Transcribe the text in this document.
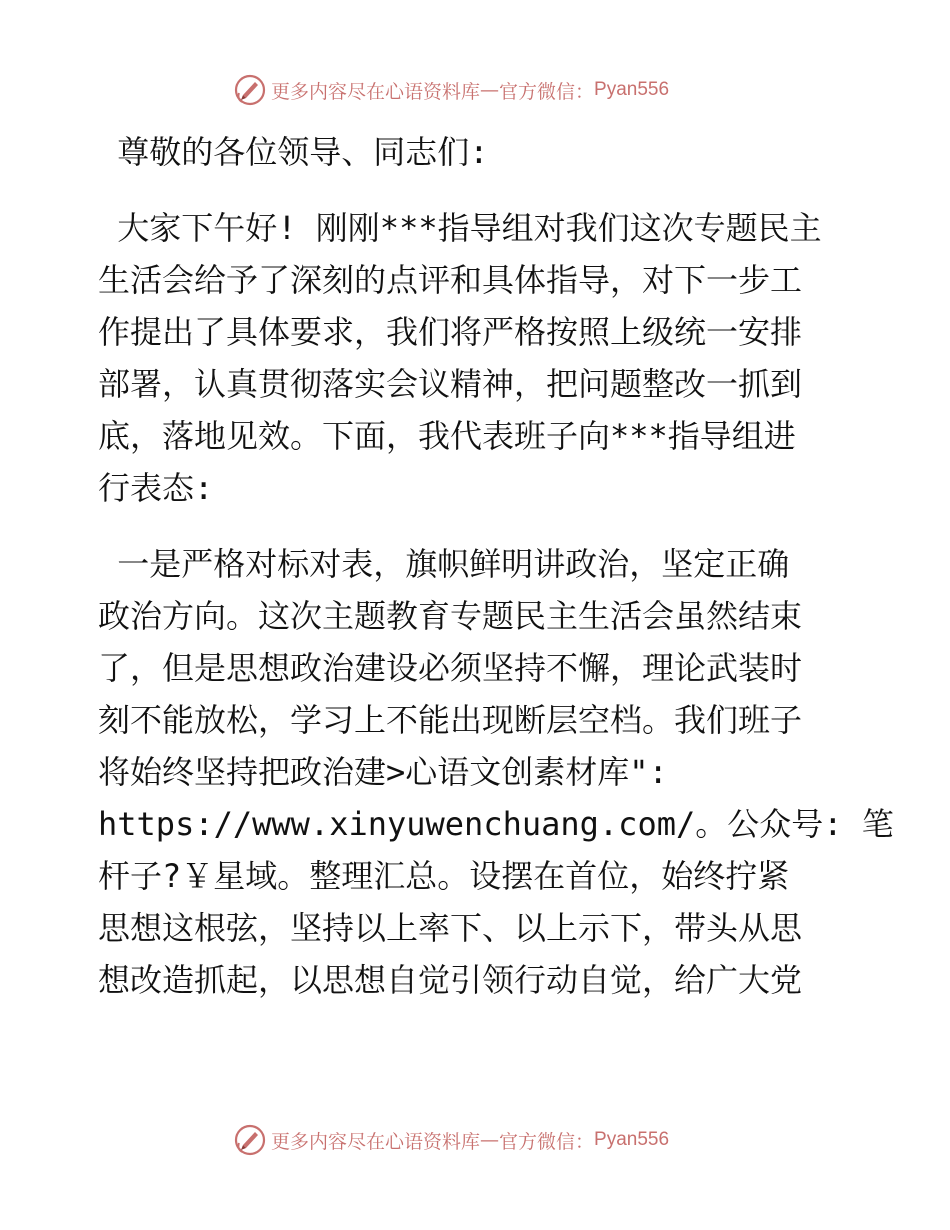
更多内容尽在心语资料库 — 官方微信： Pyan556

尊敬的各位领导、同志们:

大家下午好! 刚刚***指导组对我们这次专题民主

生活会给予了深刻的点评和具体指导，对下一步工

作提出了具体要求，我们将严格按照上级统一安排

部署，认真贯彻落实会议精神，把问题整改一抓到

底，落地见效。下面，我代表班子向***指导组进

行表态:

一是严格对标对表，旗帜鲜明讲政治，坚定正确

政治方向。这次主题教育专题民主生活会虽然结束

了，但是思想政治建设必须坚持不懈，理论武装时

刻不能放松，学习上不能出现断层空档。我们班子

将始终坚持把政治建>心语文创素材库":

https://www.xinyuwenchuang.com/。公众号: 笔

杆子?￥星域。整理汇总。设摆在首位，始终拧紧

思想这根弦，坚持以上率下、以上示下，带头从思

想改造抓起，以思想自觉引领行动自觉，给广大党

更多内容尽在心语资料库 — 官方微信： Pyan556
